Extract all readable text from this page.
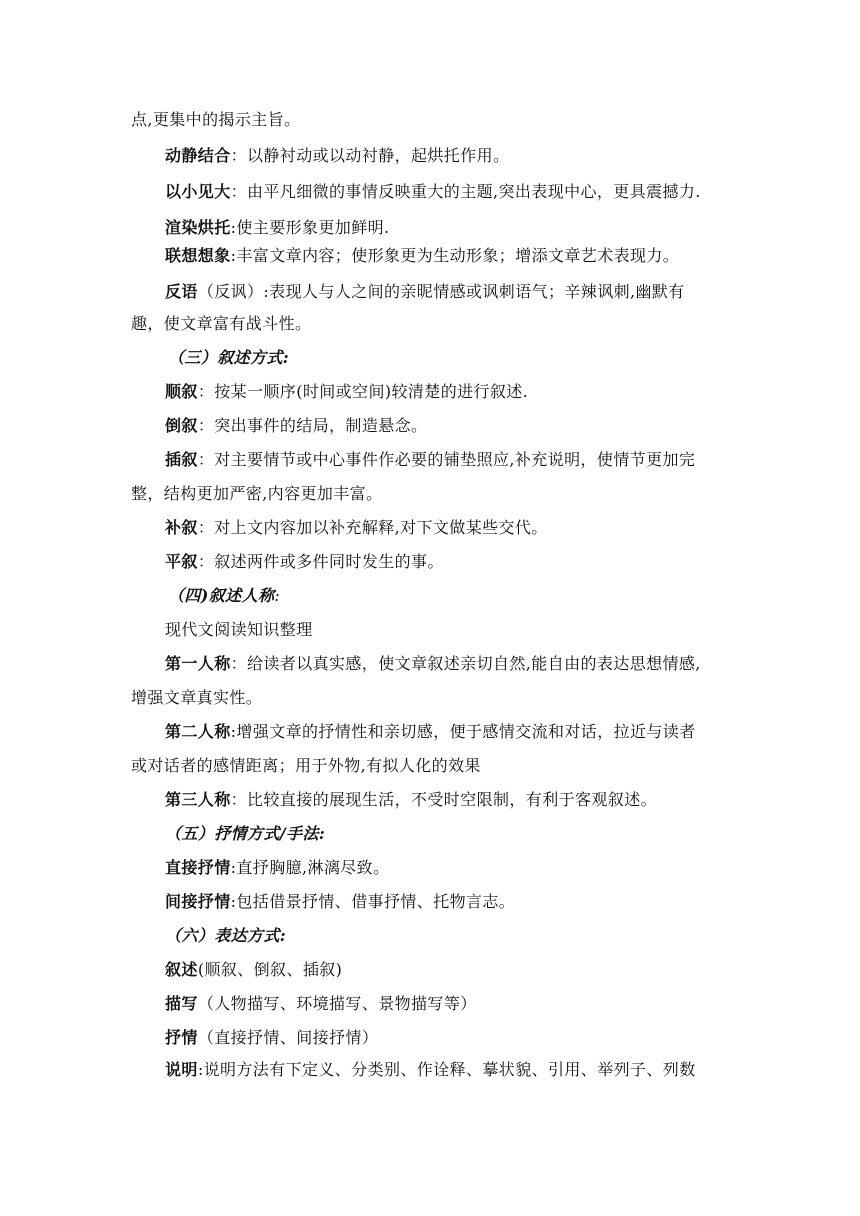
点,更集中的揭示主旨。
动静结合：以静衬动或以动衬静，起烘托作用。
以小见大：由平凡细微的事情反映重大的主题,突出表现中心，更具震撼力.
渲染烘托:使主要形象更加鲜明.
联想想象:丰富文章内容；使形象更为生动形象；增添文章艺术表现力。
反语（反讽）:表现人与人之间的亲昵情感或讽刺语气；辛辣讽刺,幽默有
趣，使文章富有战斗性。
（三）叙述方式:
顺叙：按某一顺序(时间或空间)较清楚的进行叙述.
倒叙：突出事件的结局，制造悬念。
插叙：对主要情节或中心事件作必要的铺垫照应,补充说明，使情节更加完
整，结构更加严密,内容更加丰富。
补叙：对上文内容加以补充解释,对下文做某些交代。
平叙：叙述两件或多件同时发生的事。
（四)叙述人称:
现代文阅读知识整理
第一人称：给读者以真实感，使文章叙述亲切自然,能自由的表达思想情感,
增强文章真实性。
第二人称:增强文章的抒情性和亲切感，便于感情交流和对话，拉近与读者
或对话者的感情距离；用于外物,有拟人化的效果
第三人称：比较直接的展现生活，不受时空限制，有利于客观叙述。
（五）抒情方式/手法:
直接抒情:直抒胸臆,淋漓尽致。
间接抒情:包括借景抒情、借事抒情、托物言志。
（六）表达方式:
叙述(顺叙、倒叙、插叙)
描写（人物描写、环境描写、景物描写等）
抒情（直接抒情、间接抒情）
说明:说明方法有下定义、分类别、作诠释、摹状貌、引用、举列子、列数
